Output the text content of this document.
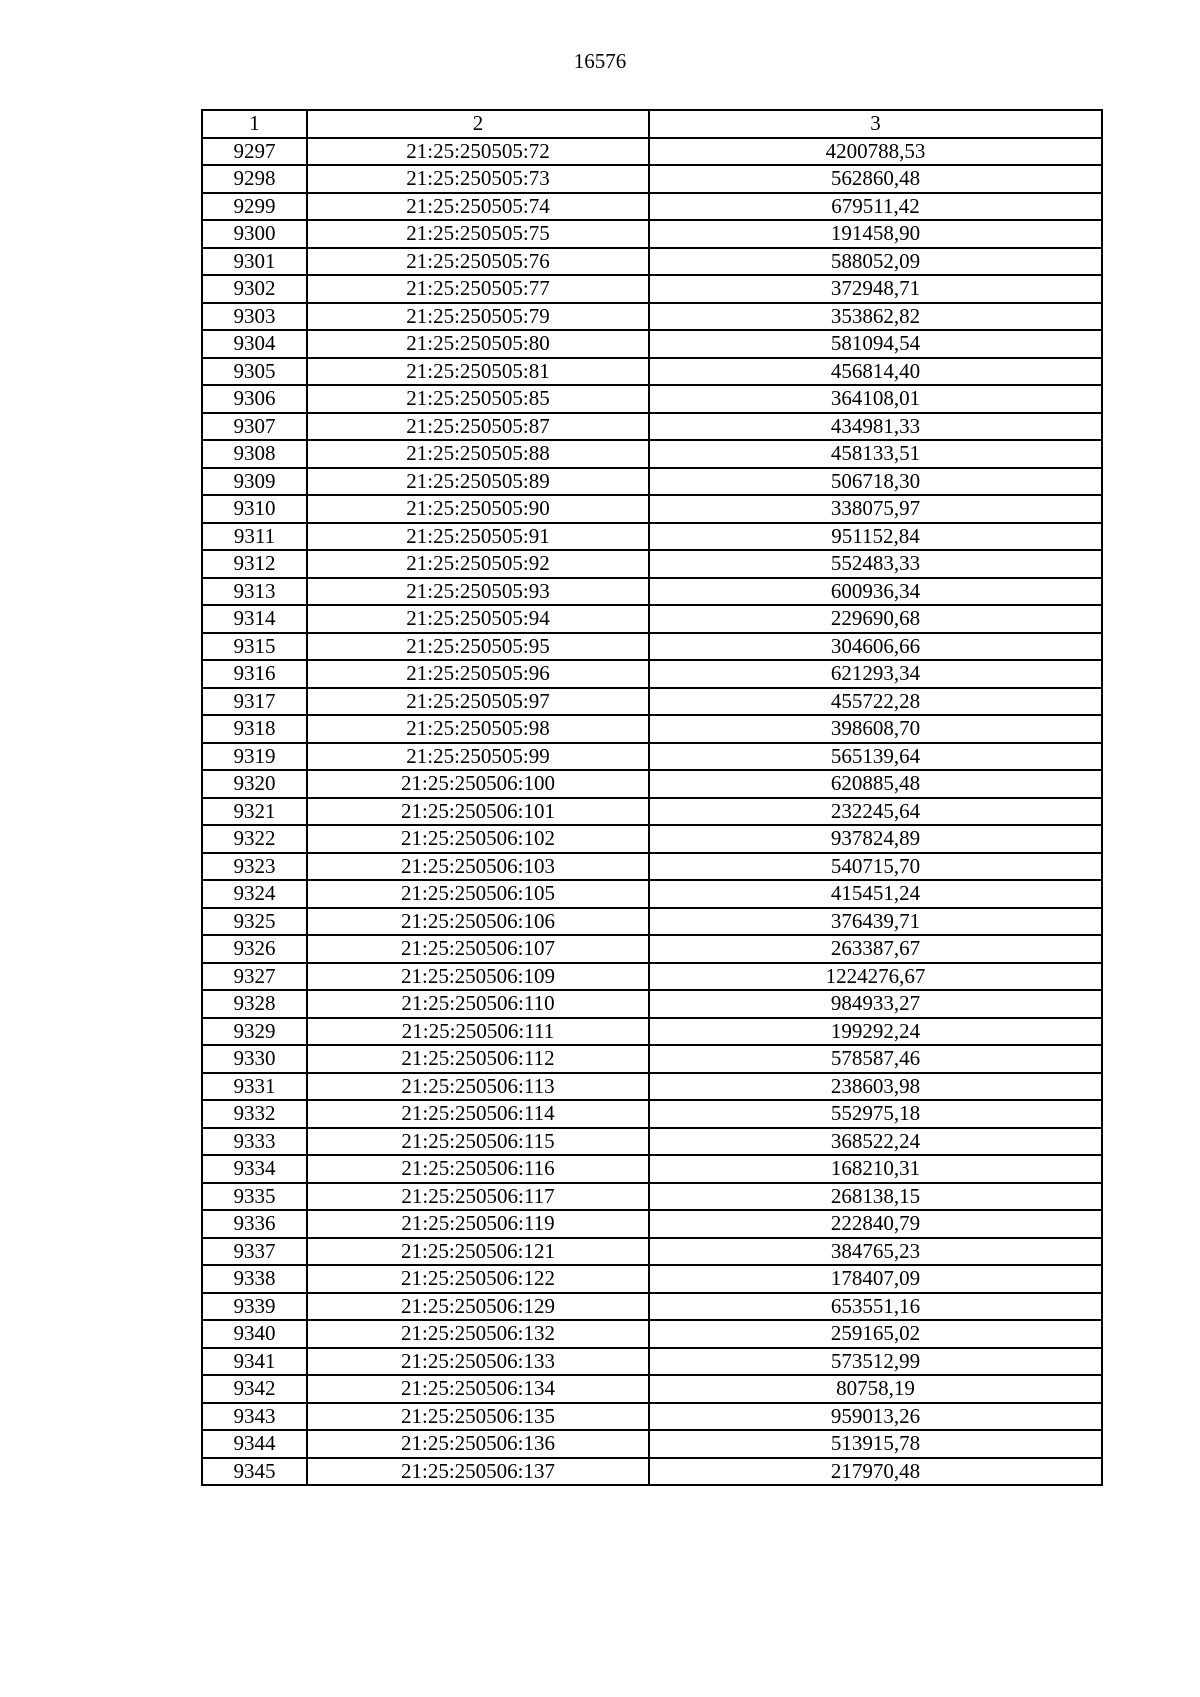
16576
1	2	3
9297	21:25:250505:72	4200788,53
9298	21:25:250505:73	562860,48
9299	21:25:250505:74	679511,42
9300	21:25:250505:75	191458,90
9301	21:25:250505:76	588052,09
9302	21:25:250505:77	372948,71
9303	21:25:250505:79	353862,82
9304	21:25:250505:80	581094,54
9305	21:25:250505:81	456814,40
9306	21:25:250505:85	364108,01
9307	21:25:250505:87	434981,33
9308	21:25:250505:88	458133,51
9309	21:25:250505:89	506718,30
9310	21:25:250505:90	338075,97
9311	21:25:250505:91	951152,84
9312	21:25:250505:92	552483,33
9313	21:25:250505:93	600936,34
9314	21:25:250505:94	229690,68
9315	21:25:250505:95	304606,66
9316	21:25:250505:96	621293,34
9317	21:25:250505:97	455722,28
9318	21:25:250505:98	398608,70
9319	21:25:250505:99	565139,64
9320	21:25:250506:100	620885,48
9321	21:25:250506:101	232245,64
9322	21:25:250506:102	937824,89
9323	21:25:250506:103	540715,70
9324	21:25:250506:105	415451,24
9325	21:25:250506:106	376439,71
9326	21:25:250506:107	263387,67
9327	21:25:250506:109	1224276,67
9328	21:25:250506:110	984933,27
9329	21:25:250506:111	199292,24
9330	21:25:250506:112	578587,46
9331	21:25:250506:113	238603,98
9332	21:25:250506:114	552975,18
9333	21:25:250506:115	368522,24
9334	21:25:250506:116	168210,31
9335	21:25:250506:117	268138,15
9336	21:25:250506:119	222840,79
9337	21:25:250506:121	384765,23
9338	21:25:250506:122	178407,09
9339	21:25:250506:129	653551,16
9340	21:25:250506:132	259165,02
9341	21:25:250506:133	573512,99
9342	21:25:250506:134	80758,19
9343	21:25:250506:135	959013,26
9344	21:25:250506:136	513915,78
9345	21:25:250506:137	217970,48
